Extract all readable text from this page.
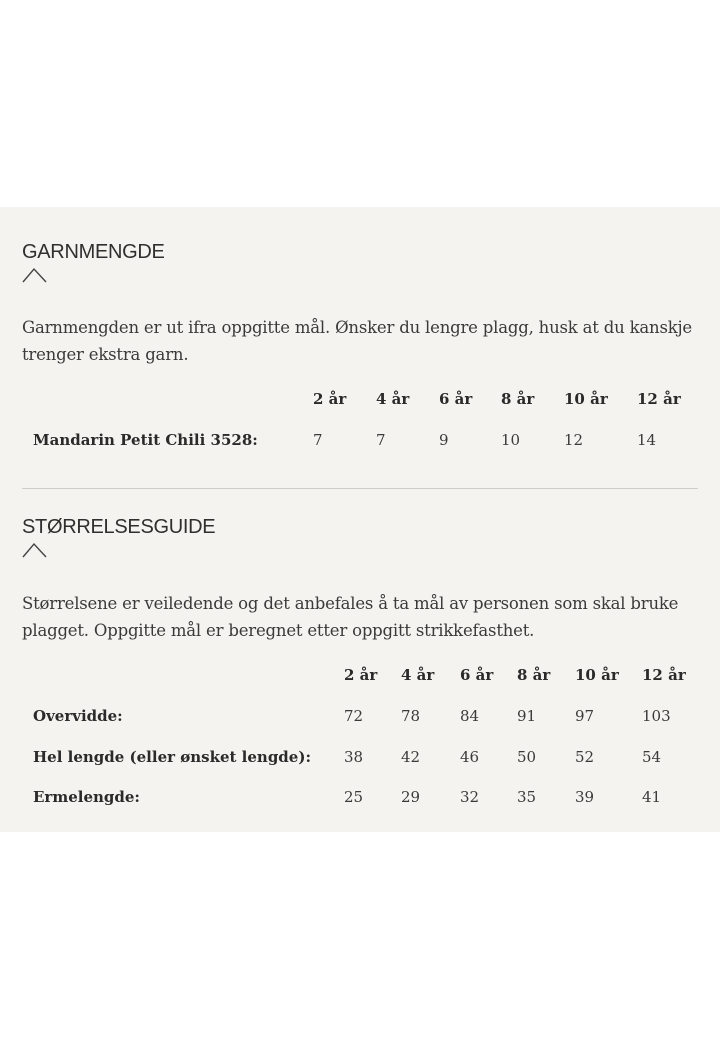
GARNMENGDE

Garnmengden er ut ifra oppgitte mål. Ønsker du lengre plagg, husk at du kanskje trenger ekstra garn.

2 år 4 år 6 år 8 år 10 år 12 år
Mandarin Petit Chili 3528:	7	7	9	10	12	14
STØRRELSESGUIDE

Størrelsene er veiledende og det anbefales å ta mål av personen som skal bruke plagget. Oppgitte mål er beregnet etter oppgitt strikkefasthet.

2 år 4 år 6 år 8 år 10 år 12 år
Overvidde:	72	78	84	91	97	103
Hel lengde (eller ønsket lengde): 38	42	46	50	52	54
Ermelengde:	25	29	32	35	39	41
